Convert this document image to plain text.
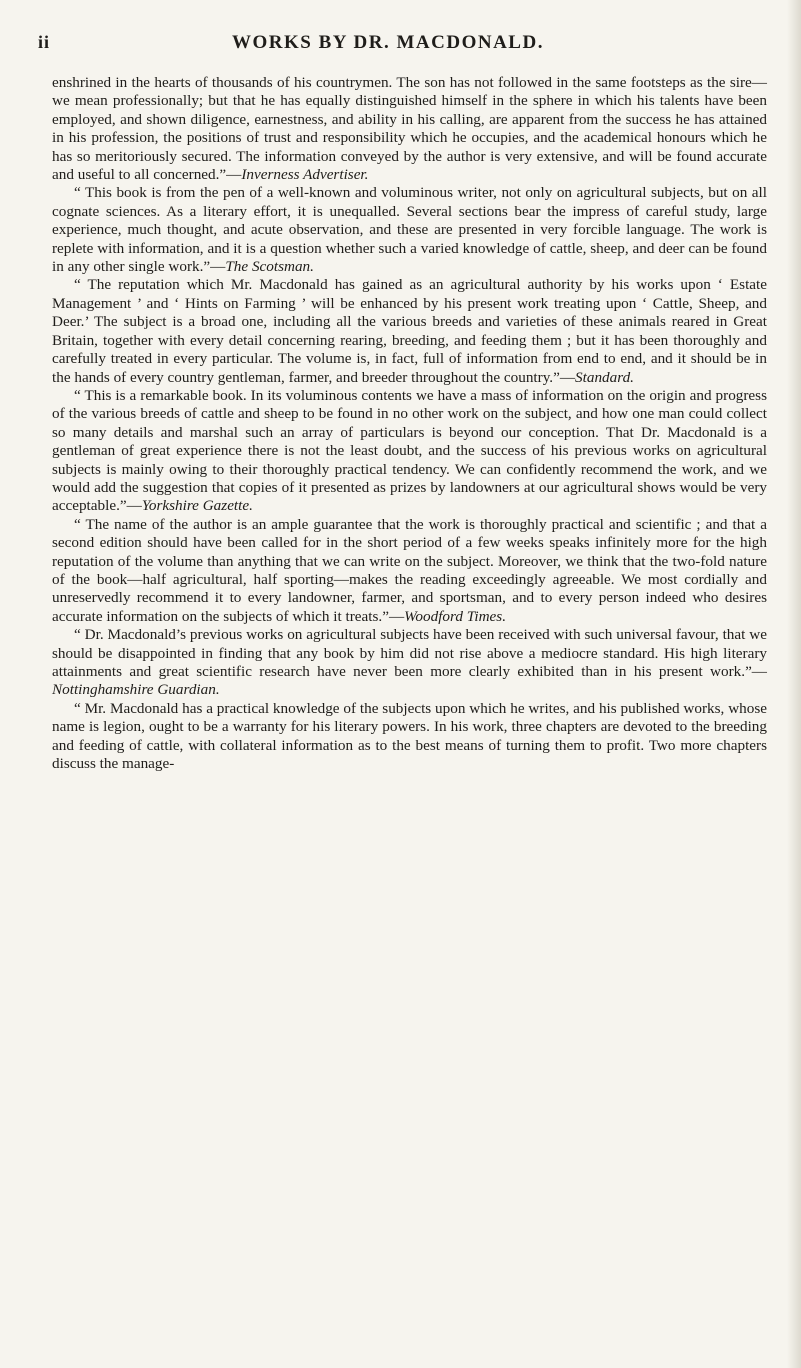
ii	WORKS BY DR. MACDONALD.

enshrined in the hearts of thousands of his countrymen. The son has not followed in the same footsteps as the sire—we mean professionally; but that he has equally distinguished himself in the sphere in which his talents have been employed, and shown diligence, earnestness, and ability in his calling, are apparent from the success he has attained in his profession, the positions of trust and responsibility which he occupies, and the academical honours which he has so meritoriously secured. The information conveyed by the author is very extensive, and will be found accurate and useful to all concerned.”—Inverness Advertiser.

“ This book is from the pen of a well-known and voluminous writer, not only on agricultural subjects, but on all cognate sciences. As a literary effort, it is unequalled. Several sections bear the impress of careful study, large experience, much thought, and acute observation, and these are presented in very forcible language. The work is replete with information, and it is a question whether such a varied knowledge of cattle, sheep, and deer can be found in any other single work.”—The Scotsman.

“ The reputation which Mr. Macdonald has gained as an agricultural authority by his works upon ‘ Estate Management ’ and ‘ Hints on Farming ’ will be enhanced by his present work treating upon ‘ Cattle, Sheep, and Deer.’ The subject is a broad one, including all the various breeds and varieties of these animals reared in Great Britain, together with every detail concerning rearing, breeding, and feeding them ; but it has been thoroughly and carefully treated in every particular. The volume is, in fact, full of information from end to end, and it should be in the hands of every country gentleman, farmer, and breeder throughout the country.”—Standard.

“ This is a remarkable book. In its voluminous contents we have a mass of information on the origin and progress of the various breeds of cattle and sheep to be found in no other work on the subject, and how one man could collect so many details and marshal such an array of particulars is beyond our conception. That Dr. Macdonald is a gentleman of great experience there is not the least doubt, and the success of his previous works on agricultural subjects is mainly owing to their thoroughly practical tendency. We can confidently recommend the work, and we would add the suggestion that copies of it presented as prizes by landowners at our agricultural shows would be very acceptable.”—Yorkshire Gazette.

“ The name of the author is an ample guarantee that the work is thoroughly practical and scientific ; and that a second edition should have been called for in the short period of a few weeks speaks infinitely more for the high reputation of the volume than anything that we can write on the subject. Moreover, we think that the two-fold nature of the book—half agricultural, half sporting—makes the reading exceedingly agreeable. We most cordially and unreservedly recommend it to every landowner, farmer, and sportsman, and to every person indeed who desires accurate information on the subjects of which it treats.”—Woodford Times.

“ Dr. Macdonald’s previous works on agricultural subjects have been received with such universal favour, that we should be disappointed in finding that any book by him did not rise above a mediocre standard. His high literary attainments and great scientific research have never been more clearly exhibited than in his present work.”—Nottinghamshire Guardian.

“ Mr. Macdonald has a practical knowledge of the subjects upon which he writes, and his published works, whose name is legion, ought to be a warranty for his literary powers. In his work, three chapters are devoted to the breeding and feeding of cattle, with collateral information as to the best means of turning them to profit. Two more chapters discuss the manage-
